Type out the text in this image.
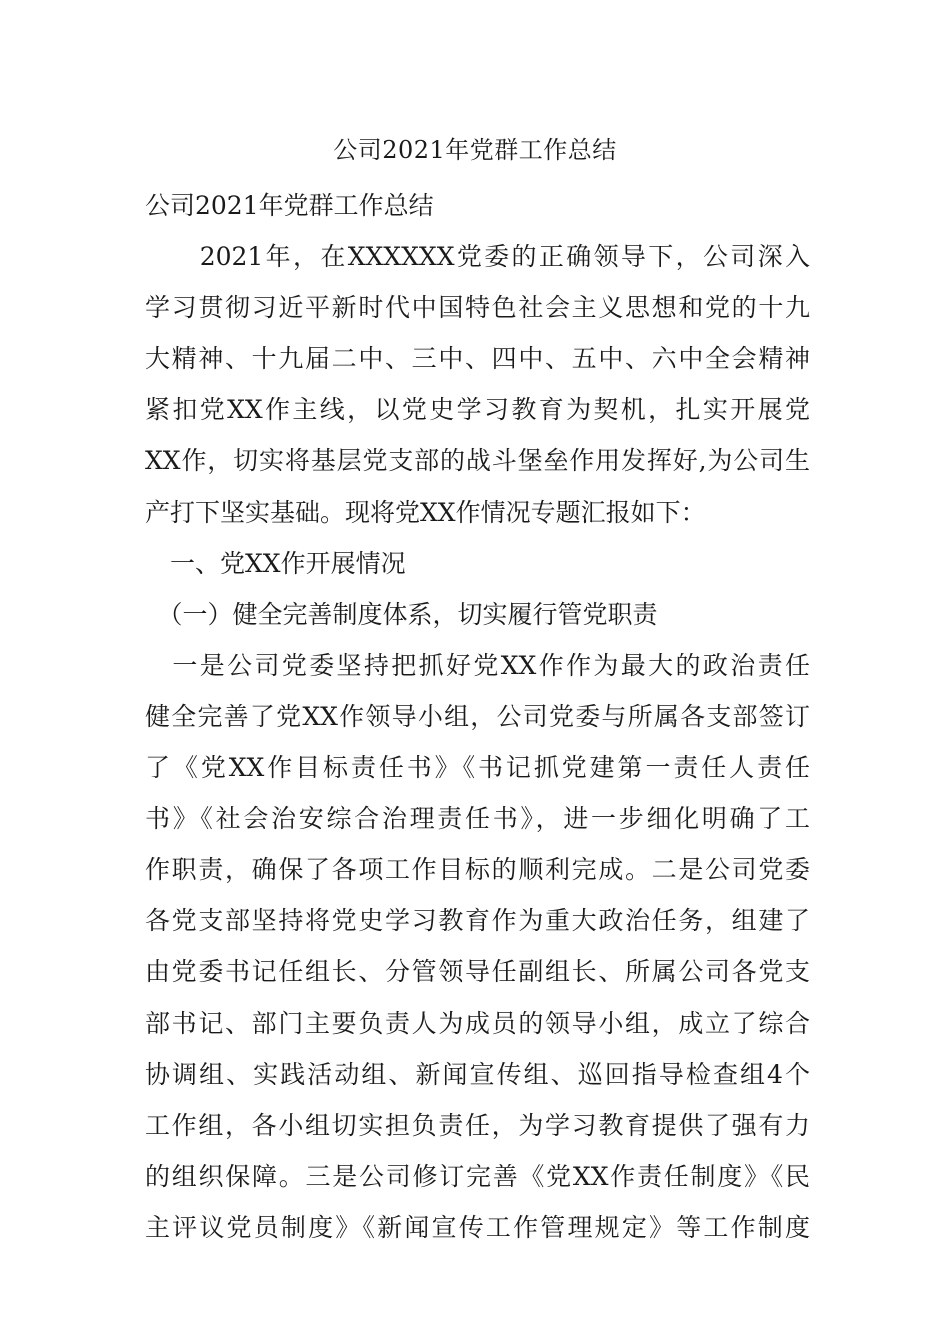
公司2021年党群工作总结
公司2021年党群工作总结
　　2021年，在XXXXXX党委的正确领导下，公司深入
学习贯彻习近平新时代中国特色社会主义思想和党的十九
大精神、十九届二中、三中、四中、五中、六中全会精神
紧扣党XX作主线，以党史学习教育为契机，扎实开展党
XX作，切实将基层党支部的战斗堡垒作用发挥好,为公司生
产打下坚实基础。现将党XX作情况专题汇报如下：
　一、党XX作开展情况
　（一）健全完善制度体系，切实履行管党职责
　一是公司党委坚持把抓好党XX作作为最大的政治责任
健全完善了党XX作领导小组，公司党委与所属各支部签订
了《党XX作目标责任书》《书记抓党建第一责任人责任
书》《社会治安综合治理责任书》，进一步细化明确了工
作职责，确保了各项工作目标的顺利完成。二是公司党委
各党支部坚持将党史学习教育作为重大政治任务，组建了
由党委书记任组长、分管领导任副组长、所属公司各党支
部书记、部门主要负责人为成员的领导小组，成立了综合
协调组、实践活动组、新闻宣传组、巡回指导检查组4个
工作组，各小组切实担负责任，为学习教育提供了强有力
的组织保障。三是公司修订完善《党XX作责任制度》《民
主评议党员制度》《新闻宣传工作管理规定》等工作制度
